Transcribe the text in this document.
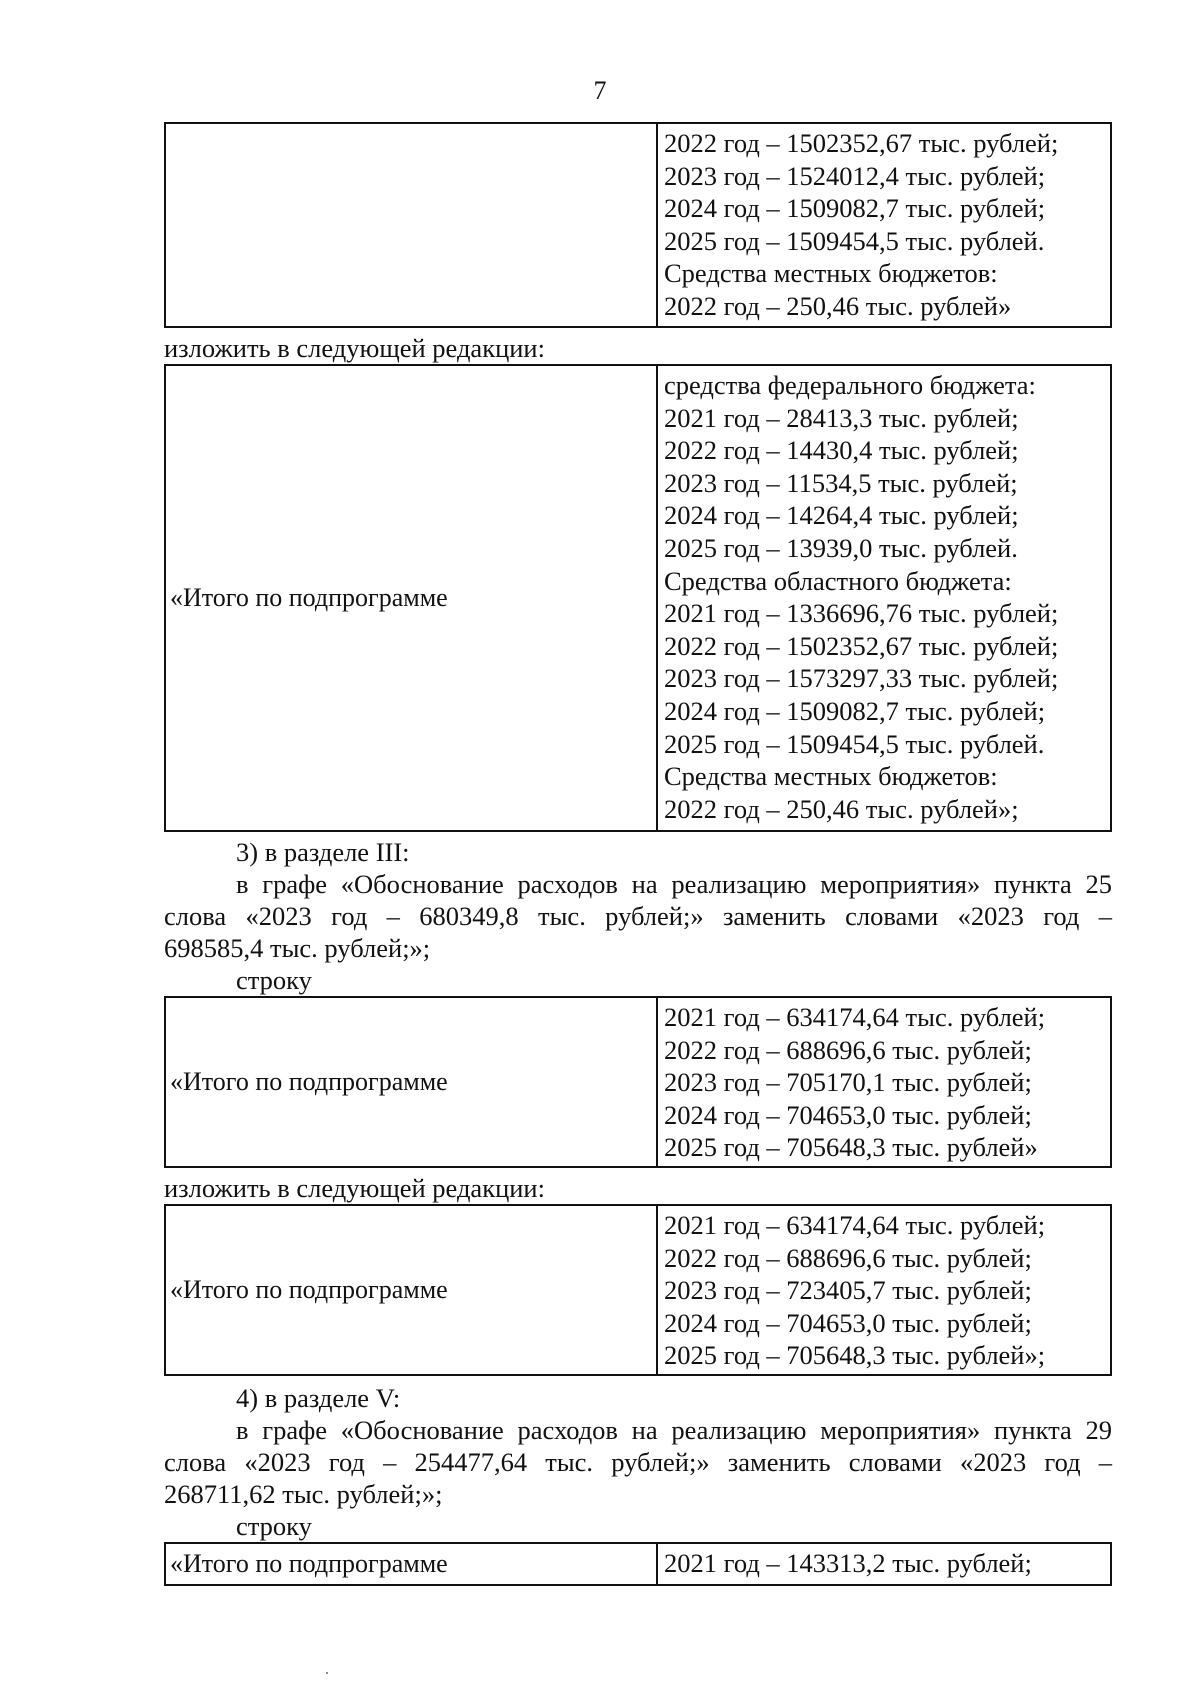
7
2022 год – 1502352,67 тыс. рублей;
2023 год – 1524012,4 тыс. рублей;
2024 год – 1509082,7 тыс. рублей;
2025 год – 1509454,5 тыс. рублей.
Средства местных бюджетов:
2022 год – 250,46 тыс. рублей»
изложить в следующей редакции:
«Итого по подпрограмме
средства федерального бюджета:
2021 год – 28413,3 тыс. рублей;
2022 год – 14430,4 тыс. рублей;
2023 год – 11534,5 тыс. рублей;
2024 год – 14264,4 тыс. рублей;
2025 год – 13939,0 тыс. рублей.
Средства областного бюджета:
2021 год – 1336696,76 тыс. рублей;
2022 год – 1502352,67 тыс. рублей;
2023 год – 1573297,33 тыс. рублей;
2024 год – 1509082,7 тыс. рублей;
2025 год – 1509454,5 тыс. рублей.
Средства местных бюджетов:
2022 год – 250,46 тыс. рублей»;
3) в разделе III:
в графе «Обоснование расходов на реализацию мероприятия» пункта 25
слова «2023 год – 680349,8 тыс. рублей;» заменить словами «2023 год –
698585,4 тыс. рублей;»;
строку
«Итого по подпрограмме
2021 год – 634174,64 тыс. рублей;
2022 год – 688696,6 тыс. рублей;
2023 год – 705170,1 тыс. рублей;
2024 год – 704653,0 тыс. рублей;
2025 год – 705648,3 тыс. рублей»
изложить в следующей редакции:
«Итого по подпрограмме
2021 год – 634174,64 тыс. рублей;
2022 год – 688696,6 тыс. рублей;
2023 год – 723405,7 тыс. рублей;
2024 год – 704653,0 тыс. рублей;
2025 год – 705648,3 тыс. рублей»;
4) в разделе V:
в графе «Обоснование расходов на реализацию мероприятия» пункта 29
слова «2023 год – 254477,64 тыс. рублей;» заменить словами «2023 год –
268711,62 тыс. рублей;»;
строку
«Итого по подпрограмме	2021 год – 143313,2 тыс. рублей;
